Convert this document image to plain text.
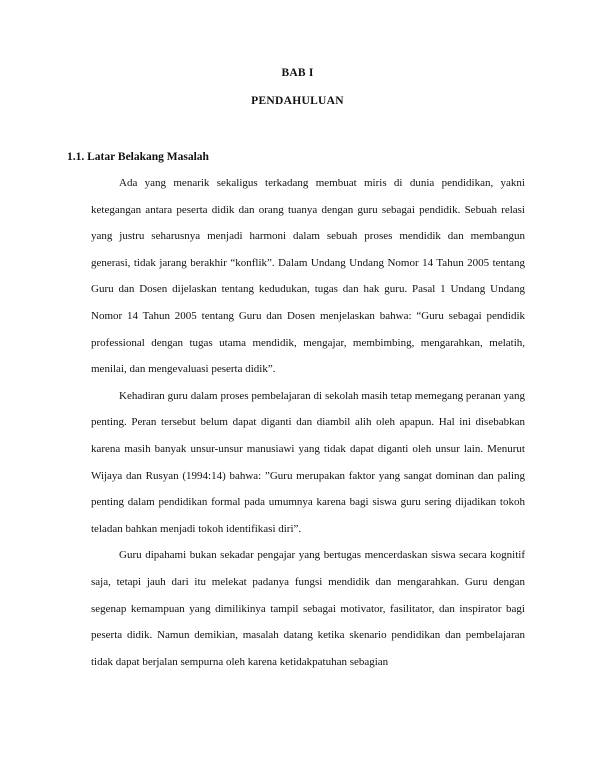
BAB I
PENDAHULUAN
1.1. Latar Belakang Masalah

Ada yang menarik sekaligus terkadang membuat miris di dunia pendidikan, yakni ketegangan antara peserta didik dan orang tuanya dengan guru sebagai pendidik. Sebuah relasi yang justru seharusnya menjadi harmoni dalam sebuah proses mendidik dan membangun generasi, tidak jarang berakhir “konflik”. Dalam Undang Undang Nomor 14 Tahun 2005 tentang Guru dan Dosen dijelaskan tentang kedudukan, tugas dan hak guru. Pasal 1 Undang Undang Nomor 14 Tahun 2005 tentang Guru dan Dosen menjelaskan bahwa: “Guru sebagai pendidik professional dengan tugas utama mendidik, mengajar, membimbing, mengarahkan, melatih, menilai, dan mengevaluasi peserta didik”.

Kehadiran guru dalam proses pembelajaran di sekolah masih tetap memegang peranan yang penting. Peran tersebut belum dapat diganti dan diambil alih oleh apapun. Hal ini disebabkan karena masih banyak unsur-unsur manusiawi yang tidak dapat diganti oleh unsur lain. Menurut Wijaya dan Rusyan (1994:14) bahwa: ”Guru merupakan faktor yang sangat dominan dan paling penting dalam pendidikan formal pada umumnya karena bagi siswa guru sering dijadikan tokoh teladan bahkan menjadi tokoh identifikasi diri”.

Guru dipahami bukan sekadar pengajar yang bertugas mencerdaskan siswa secara kognitif saja, tetapi jauh dari itu melekat padanya fungsi mendidik dan mengarahkan. Guru dengan segenap kemampuan yang dimilikinya tampil sebagai motivator, fasilitator, dan inspirator bagi peserta didik. Namun demikian, masalah datang ketika skenario pendidikan dan pembelajaran tidak dapat berjalan sempurna oleh karena ketidakpatuhan sebagian
